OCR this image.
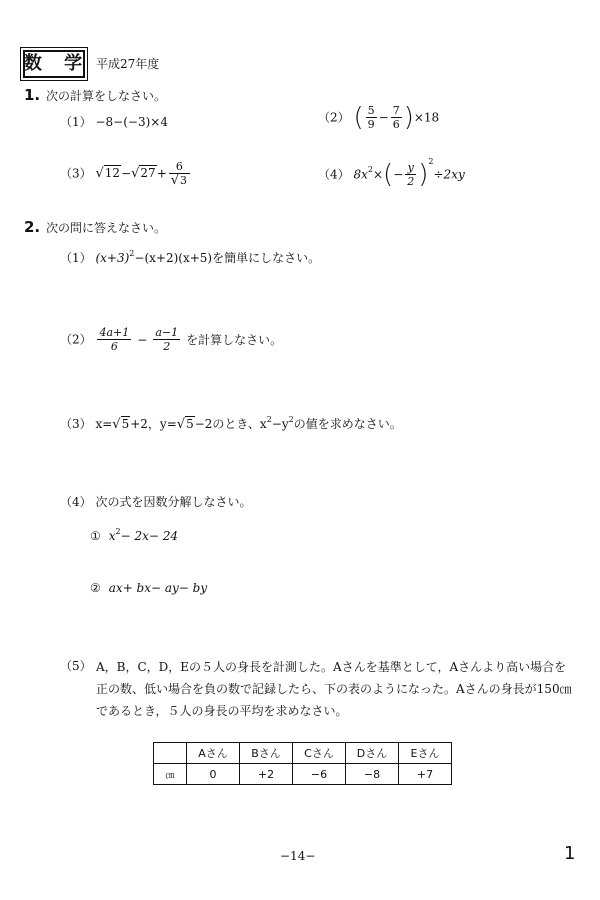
数 学 平成27年度
1. 次の計算をしなさい。
（1） −8−(−3)×4	（2） ( $\frac{5}{9} - \frac{7}{6} )\times 18$
（3） $√12-√27+ \frac{6}{√3}$	（4） $8x^2\times(- \frac{y}{2} )^2\div 2xy$
2. 次の問に答えなさい。
（1） $(x+3)^2-(x+2)(x+5)$を簡単にしなさい。
$(2) \frac{4a+1}{6} - \frac{a-1}{2}$ を計算しなさい。
（3） x=√5+2，y=√5−2のとき、$x^2-y^2$の値を求めなさい。
（4） 次の式を因数分解しなさい。
① $x^2- 2x- 24$
② ax+ bx− ay− by
（5） A，B，C，D，Eの５人の身長を計測した。Aさんを基準として，Aさんより高い場合を正の数、低い場合を負の数で記録したら、下の表のようになった。Aさんの身長が150㎝であるとき，５人の身長の平均を求めなさい。
	Aさん	Bさん	Cさん	Dさん	Eさん
㎝	0	+2	−6	−8	+7
−14−	1
